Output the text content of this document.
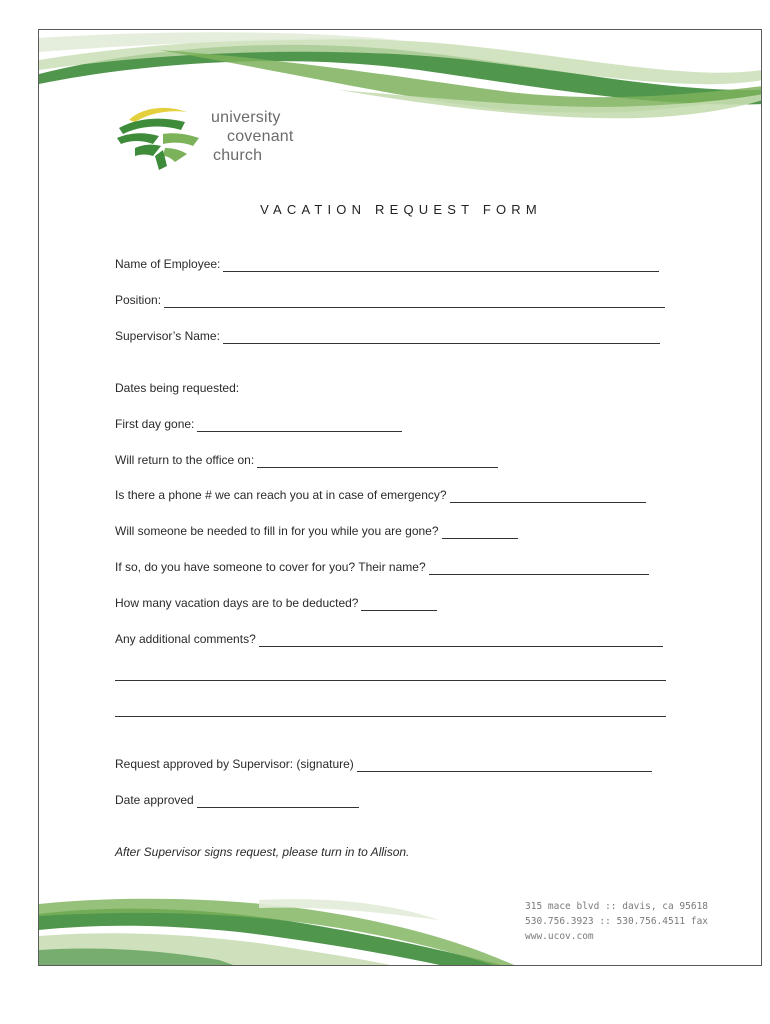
university
covenant
church
VACATION REQUEST FORM
Name of Employee:
Position:
Supervisor’s Name:
Dates being requested:
First day gone:
Will return to the office on:
Is there a phone # we can reach you at in case of emergency?
Will someone be needed to fill in for you while you are gone?
If so, do you have someone to cover for you? Their name?
How many vacation days are to be deducted?
Any additional comments?
Request approved by Supervisor: (signature)
Date approved
After Supervisor signs request, please turn in to Allison.
315 mace blvd :: davis, ca 95618
530.756.3923 :: 530.756.4511 fax
www.ucov.com
